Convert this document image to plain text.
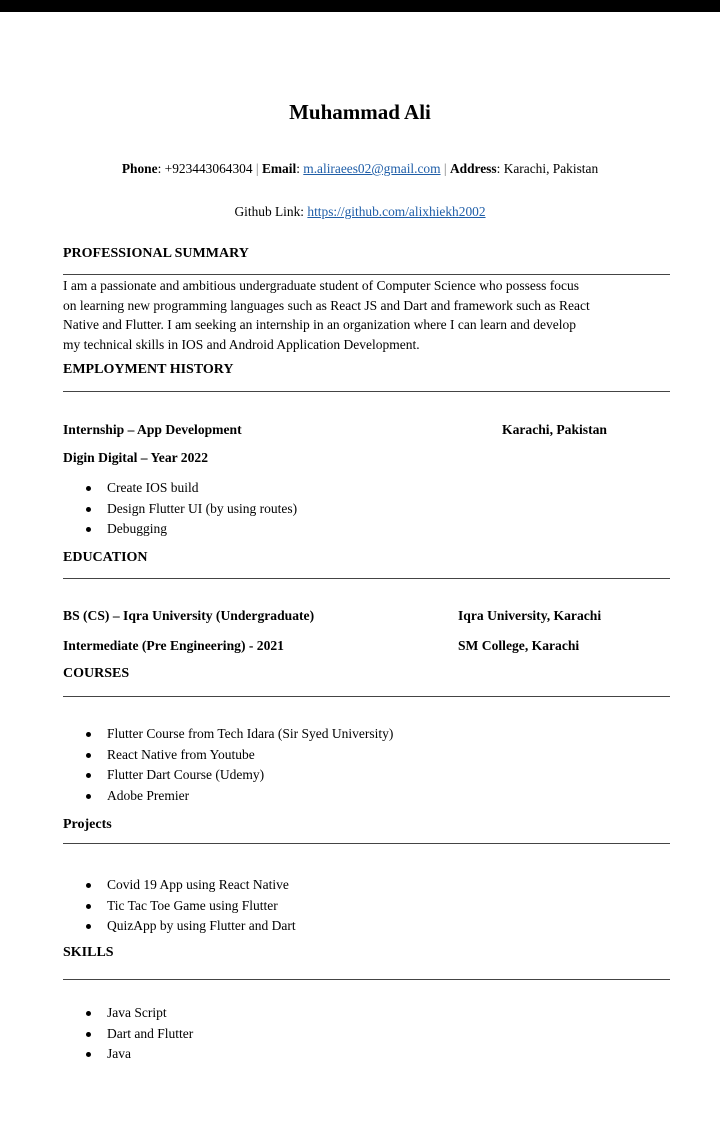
Muhammad Ali
Phone: +923443064304 | Email: m.aliraees02@gmail.com | Address: Karachi, Pakistan
Github Link: https://github.com/alixhiekh2002
PROFESSIONAL SUMMARY

I am a passionate and ambitious undergraduate student of Computer Science who possess focus

on learning new programming languages such as React JS and Dart and framework such as React

Native and Flutter. I am seeking an internship in an organization where I can learn and develop

my technical skills in IOS and Android Application Development.

EMPLOYMENT HISTORY
Internship – App Development	Karachi, Pakistan
Digin Digital – Year 2022
Create IOS build
Design Flutter UI (by using routes)
Debugging
EDUCATION
BS (CS) – Iqra University (Undergraduate)	Iqra University, Karachi
Intermediate (Pre Engineering) - 2021	SM College, Karachi
COURSES
Flutter Course from Tech Idara (Sir Syed University)
React Native from Youtube
Flutter Dart Course (Udemy)
Adobe Premier
Projects
Covid 19 App using React Native
Tic Tac Toe Game using Flutter
QuizApp by using Flutter and Dart
SKILLS
Java Script
Dart and Flutter
Java
